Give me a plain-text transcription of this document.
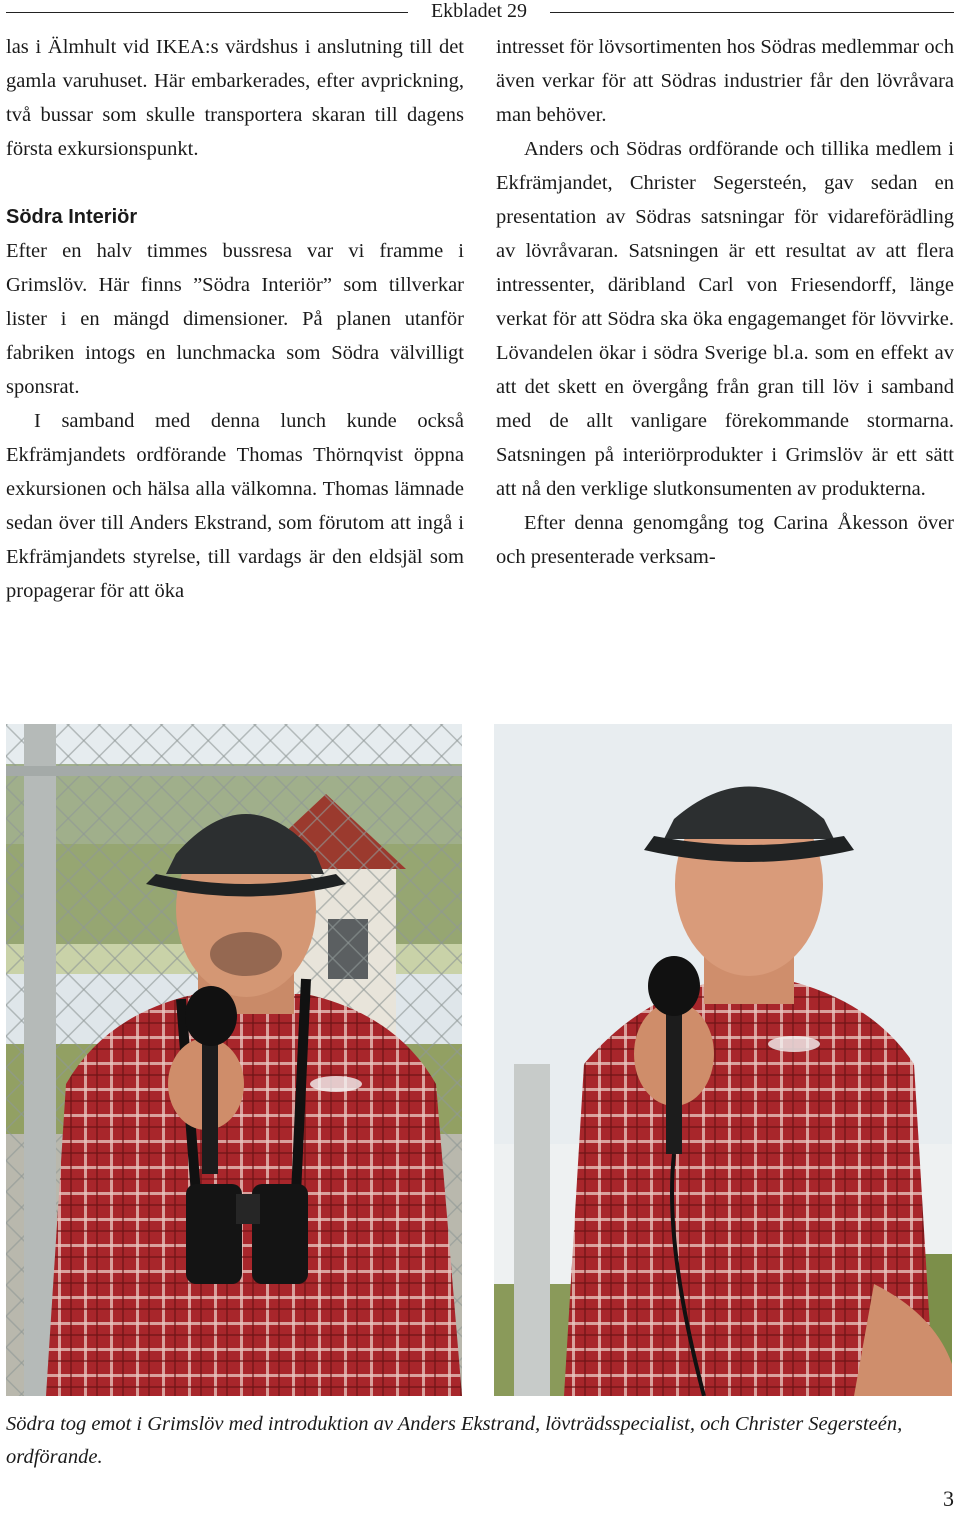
Ekbladet 29

las i Älmhult vid IKEA:s värdshus i anslutning till det gamla varuhuset. Här embarkerades, efter avprickning, två bussar som skulle transportera skaran till dagens första exkursionspunkt.

Södra Interiör

Efter en halv timmes bussresa var vi framme i Grimslöv. Här finns ”Södra Interiör” som tillverkar lister i en mängd dimensioner. På planen utanför fabriken intogs en lunchmacka som Södra välvilligt sponsrat.

I samband med denna lunch kunde också Ekfrämjandets ordförande Thomas Thörnqvist öppna exkursionen och hälsa alla välkomna. Thomas lämnade sedan över till Anders Ekstrand, som förutom att ingå i Ekfrämjandets styrelse, till vardags är den eldsjäl som propagerar för att öka

intresset för lövsortimenten hos Södras medlemmar och även verkar för att Södras industrier får den lövråvara man behöver.

Anders och Södras ordförande och tillika medlem i Ekfrämjandet, Christer Segersteén, gav sedan en presentation av Södras satsningar för vidareförädling av lövråvaran. Satsningen är ett resultat av att flera intressenter, däribland Carl von Friesendorff, länge verkat för att Södra ska öka engagemanget för lövvirke. Lövandelen ökar i södra Sverige bl.a. som en effekt av att det skett en övergång från gran till löv i samband med de allt vanligare förekommande stormarna. Satsningen på interiörprodukter i Grimslöv är ett sätt att nå den verklige slutkonsumenten av produkterna.

Efter denna genomgång tog Carina Åkesson över och presenterade verksam-

Södra tog emot i Grimslöv med introduktion av Anders Ekstrand, lövträdsspecialist, och Christer Segersteén, ordförande.

3
